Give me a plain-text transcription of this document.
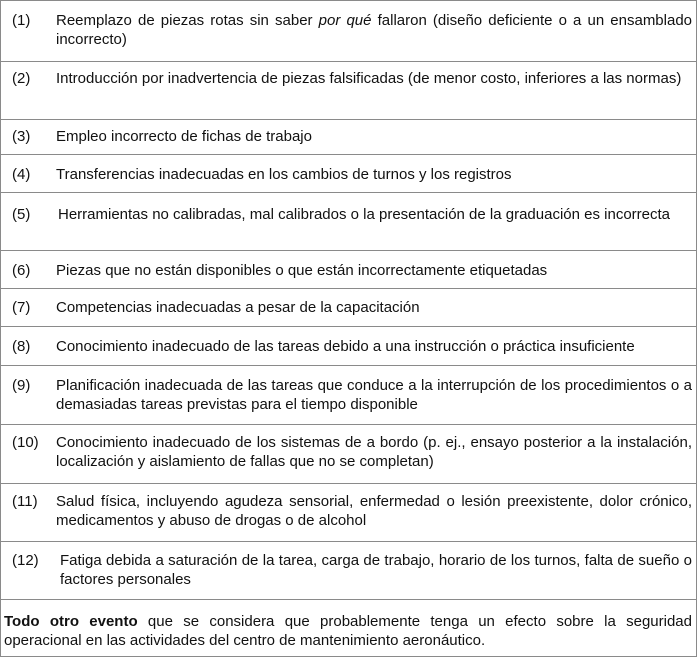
(1) Reemplazo de piezas rotas sin saber por qué fallaron (diseño deficiente o a un ensamblado incorrecto)
(2) Introducción por inadvertencia de piezas falsificadas (de menor costo, inferiores a las normas)
(3) Empleo incorrecto de fichas de trabajo
(4) Transferencias inadecuadas en los cambios de turnos y los registros
(5) Herramientas no calibradas, mal calibrados o la presentación de la graduación es incorrecta
(6) Piezas que no están disponibles o que están incorrectamente etiquetadas
(7) Competencias inadecuadas a pesar de la capacitación
(8) Conocimiento inadecuado de las tareas debido a una instrucción o práctica insuficiente
(9) Planificación inadecuada de las tareas que conduce a la interrupción de los procedimientos o a demasiadas tareas previstas para el tiempo disponible
(10) Conocimiento inadecuado de los sistemas de a bordo (p. ej., ensayo posterior a la instalación, localización y aislamiento de fallas que no se completan)
(11) Salud física, incluyendo agudeza sensorial, enfermedad o lesión preexistente, dolor crónico, medicamentos y abuso de drogas o de alcohol
(12) Fatiga debida a saturación de la tarea, carga de trabajo, horario de los turnos, falta de sueño o factores personales
Todo otro evento que se considera que probablemente tenga un efecto sobre la seguridad operacional en las actividades del centro de mantenimiento aeronáutico.
